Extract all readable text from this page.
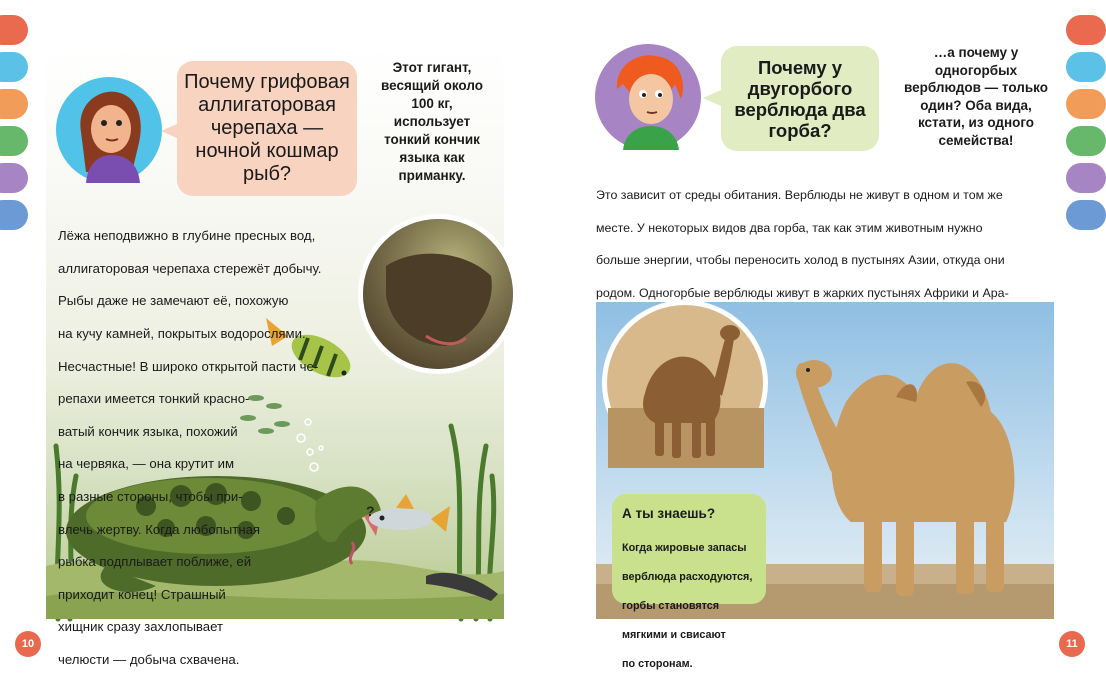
?
Почему грифовая аллигаторовая черепаха — ночной кошмар рыб?
Этот гигант, весящий около 100 кг, использует тонкий кончик языка как приманку.

Лёжа неподвижно в глубине пресных вод,

аллигаторовая черепаха стережёт добычу.

Рыбы даже не замечают её, похожую

на кучу камней, покрытых водорослями.

Несчастные! В широко открытой пасти че-

репахи имеется тонкий красно-

ватый кончик языка, похожий

на червяка, — она крутит им

в разные стороны, чтобы при-

влечь жертву. Когда любопытная

рыбка подплывает поближе, ей

приходит конец! Страшный

хищник сразу захлопывает

челюсти — добыча схвачена.

Почему у двугорбого верблюда два горба?
…а почему у одногорбых верблюдов — только один? Оба вида, кстати, из одного семейства!

Это зависит от среды обитания. Верблюды не живут в одном и том же

месте. У некоторых видов два горба, так как этим животным нужно

больше энергии, чтобы переносить холод в пустынях Азии, откуда они

родом. Одногорбые верблюды живут в жарких пустынях Африки и Ара-

А ты знаешь?

Когда жировые запасы

верблюда расходуются,

горбы становятся

мягкими и свисают

по сторонам.

10	11
